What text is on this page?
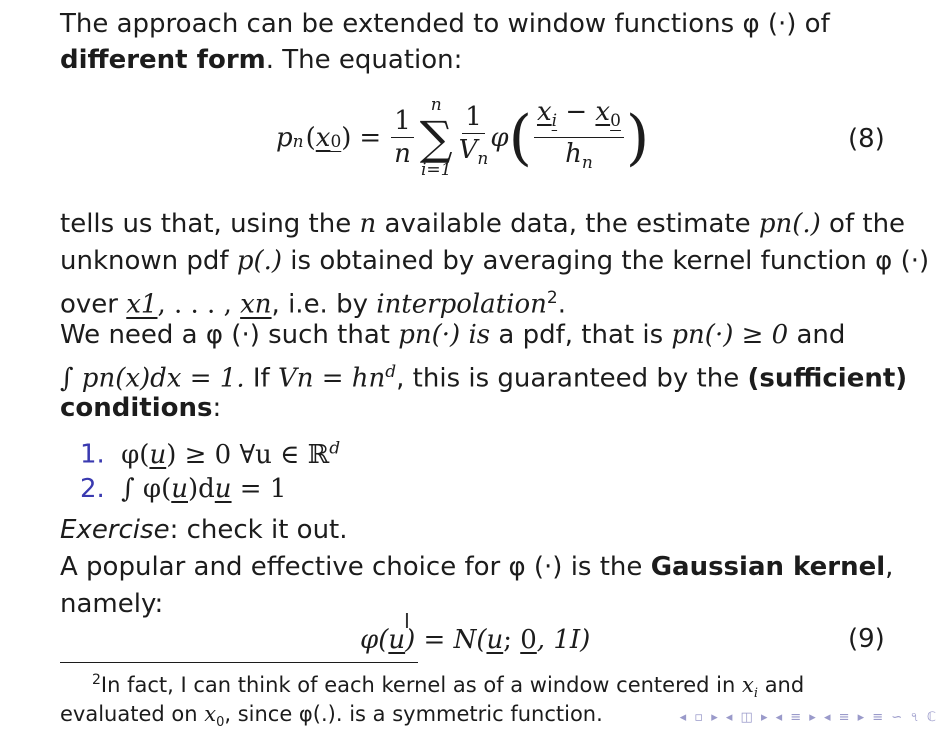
The approach can be extended to window functions φ (·) of
different form. The equation:
$p_n$ ( $x_0$ ) = $\frac{1}{n}$
n
∑
$i=1 \frac{1}{V_n}$ φ ( $\frac{x_i - x_0}{h_n}$ )	(8)
tells us that, using the n available data, the estimate pn(.) of the
unknown pdf p(.) is obtained by averaging the kernel function φ (·)
over x1, . . . , xn, i.e. by interpolation$^2$.
We need a φ (·) such that pn(·) is a pdf, that is pn(·) ≥ 0 and
∫ pn(x)dx = 1. If $Vn = hn^d$, this is guaranteed by the (sufficient)
conditions:
1. φ(u) ≥ 0 ∀u ∈ ℝ$^d$
2. ∫ φ(u)du = 1
Exercise: check it out.
A popular and effective choice for φ (·) is the Gaussian kernel,
namely:
φ(u) = N(u; 0, 1I)	(9)
I
$^2$In fact, I can think of each kernel as of a window centered in $x_i$ and
evaluated on $x_0$, since φ(.). is a symmetric function.	◂ ▫ ▸ ◂ ◫ ▸ ◂ ≡ ▸ ◂ ≡ ▸ ≡ ∽ ৭ ℂ
